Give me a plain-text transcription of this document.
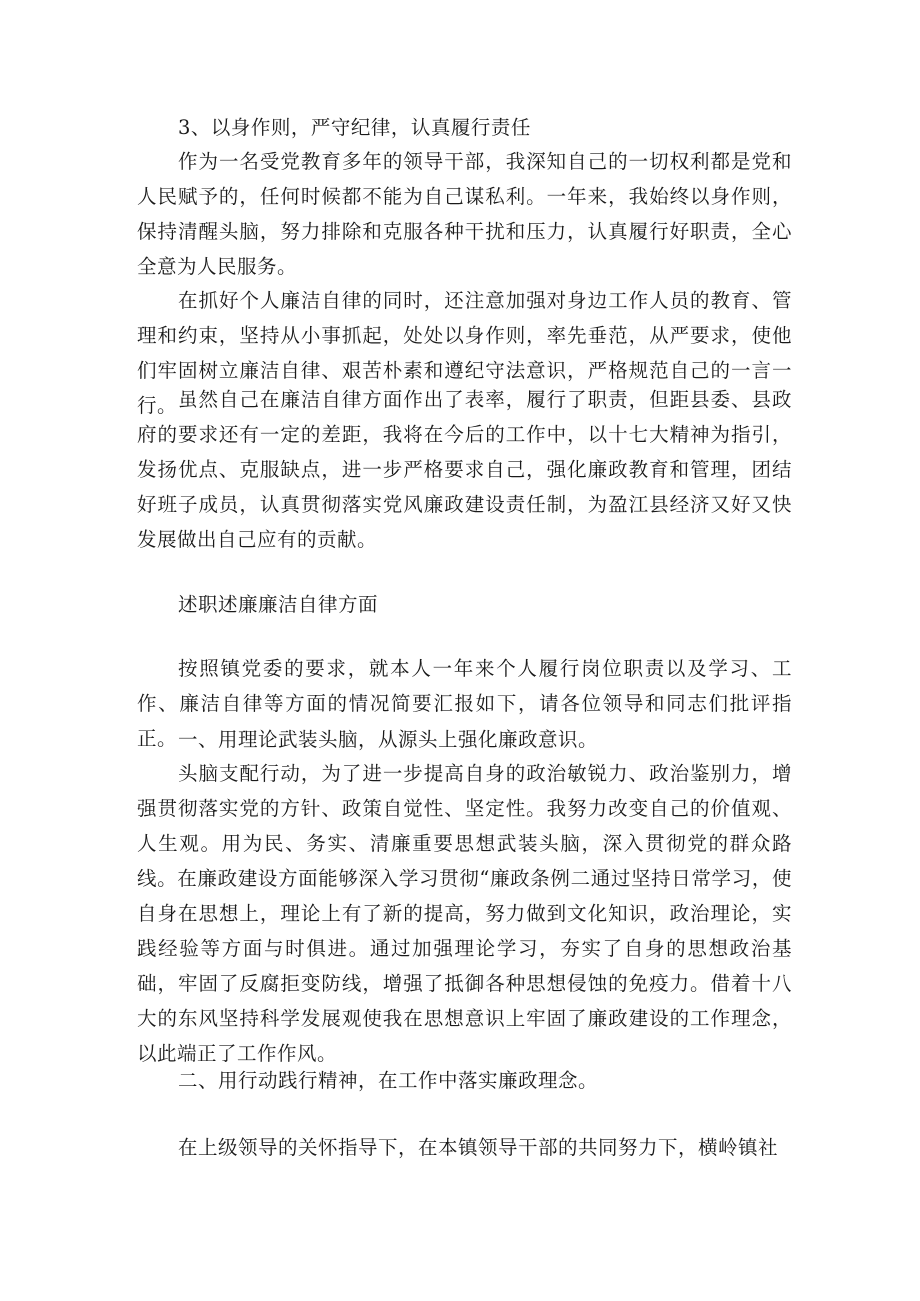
3、以身作则，严守纪律，认真履行责任

作为一名受党教育多年的领导干部，我深知自己的一切权利都是党和人民赋予的，任何时候都不能为自己谋私利。一年来，我始终以身作则，保持清醒头脑，努力排除和克服各种干扰和压力，认真履行好职责，全心全意为人民服务。

在抓好个人廉洁自律的同时，还注意加强对身边工作人员的教育、管理和约束，坚持从小事抓起，处处以身作则，率先垂范，从严要求，使他们牢固树立廉洁自律、艰苦朴素和遵纪守法意识，严格规范自己的一言一行。 虽然自己在廉洁自律方面作出了表率，履行了职责，但距县委、县政府的要求还有一定的差距，我将在今后的工作中，以十七大精神为指引，发扬优点、克服缺点，进一步严格要求自己，强化廉政教育和管理，团结好班子成员，认真贯彻落实党风廉政建设责任制，为盈江县经济又好又快发展做出自己应有的贡献。

述职述廉廉洁自律方面

按照镇党委的要求，就本人一年来个人履行岗位职责以及学习、工作、廉洁自律等方面的情况简要汇报如下，请各位领导和同志们批评指正。 一、用理论武装头脑，从源头上强化廉政意识。

头脑支配行动，为了进一步提高自身的政治敏锐力、政治鉴别力，增强贯彻落实党的方针、政策自觉性、坚定性。我努力改变自己的价值观、人生观。用为民、务实、清廉重要思想武装头脑，深入贯彻党的群众路线。在廉政建设方面能够深入学习贯彻“廉政条例二通过坚持日常学习，使自身在思想上，理论上有了新的提高，努力做到文化知识，政治理论，实践经验等方面与时俱进。通过加强理论学习，夯实了自身的思想政治基础，牢固了反腐拒变防线，增强了抵御各种思想侵蚀的免疫力。借着十八大的东风坚持科学发展观使我在思想意识上牢固了廉政建设的工作理念，以此端正了工作作风。

二、用行动践行精神，在工作中落实廉政理念。

在上级领导的关怀指导下，在本镇领导干部的共同努力下，横岭镇社
